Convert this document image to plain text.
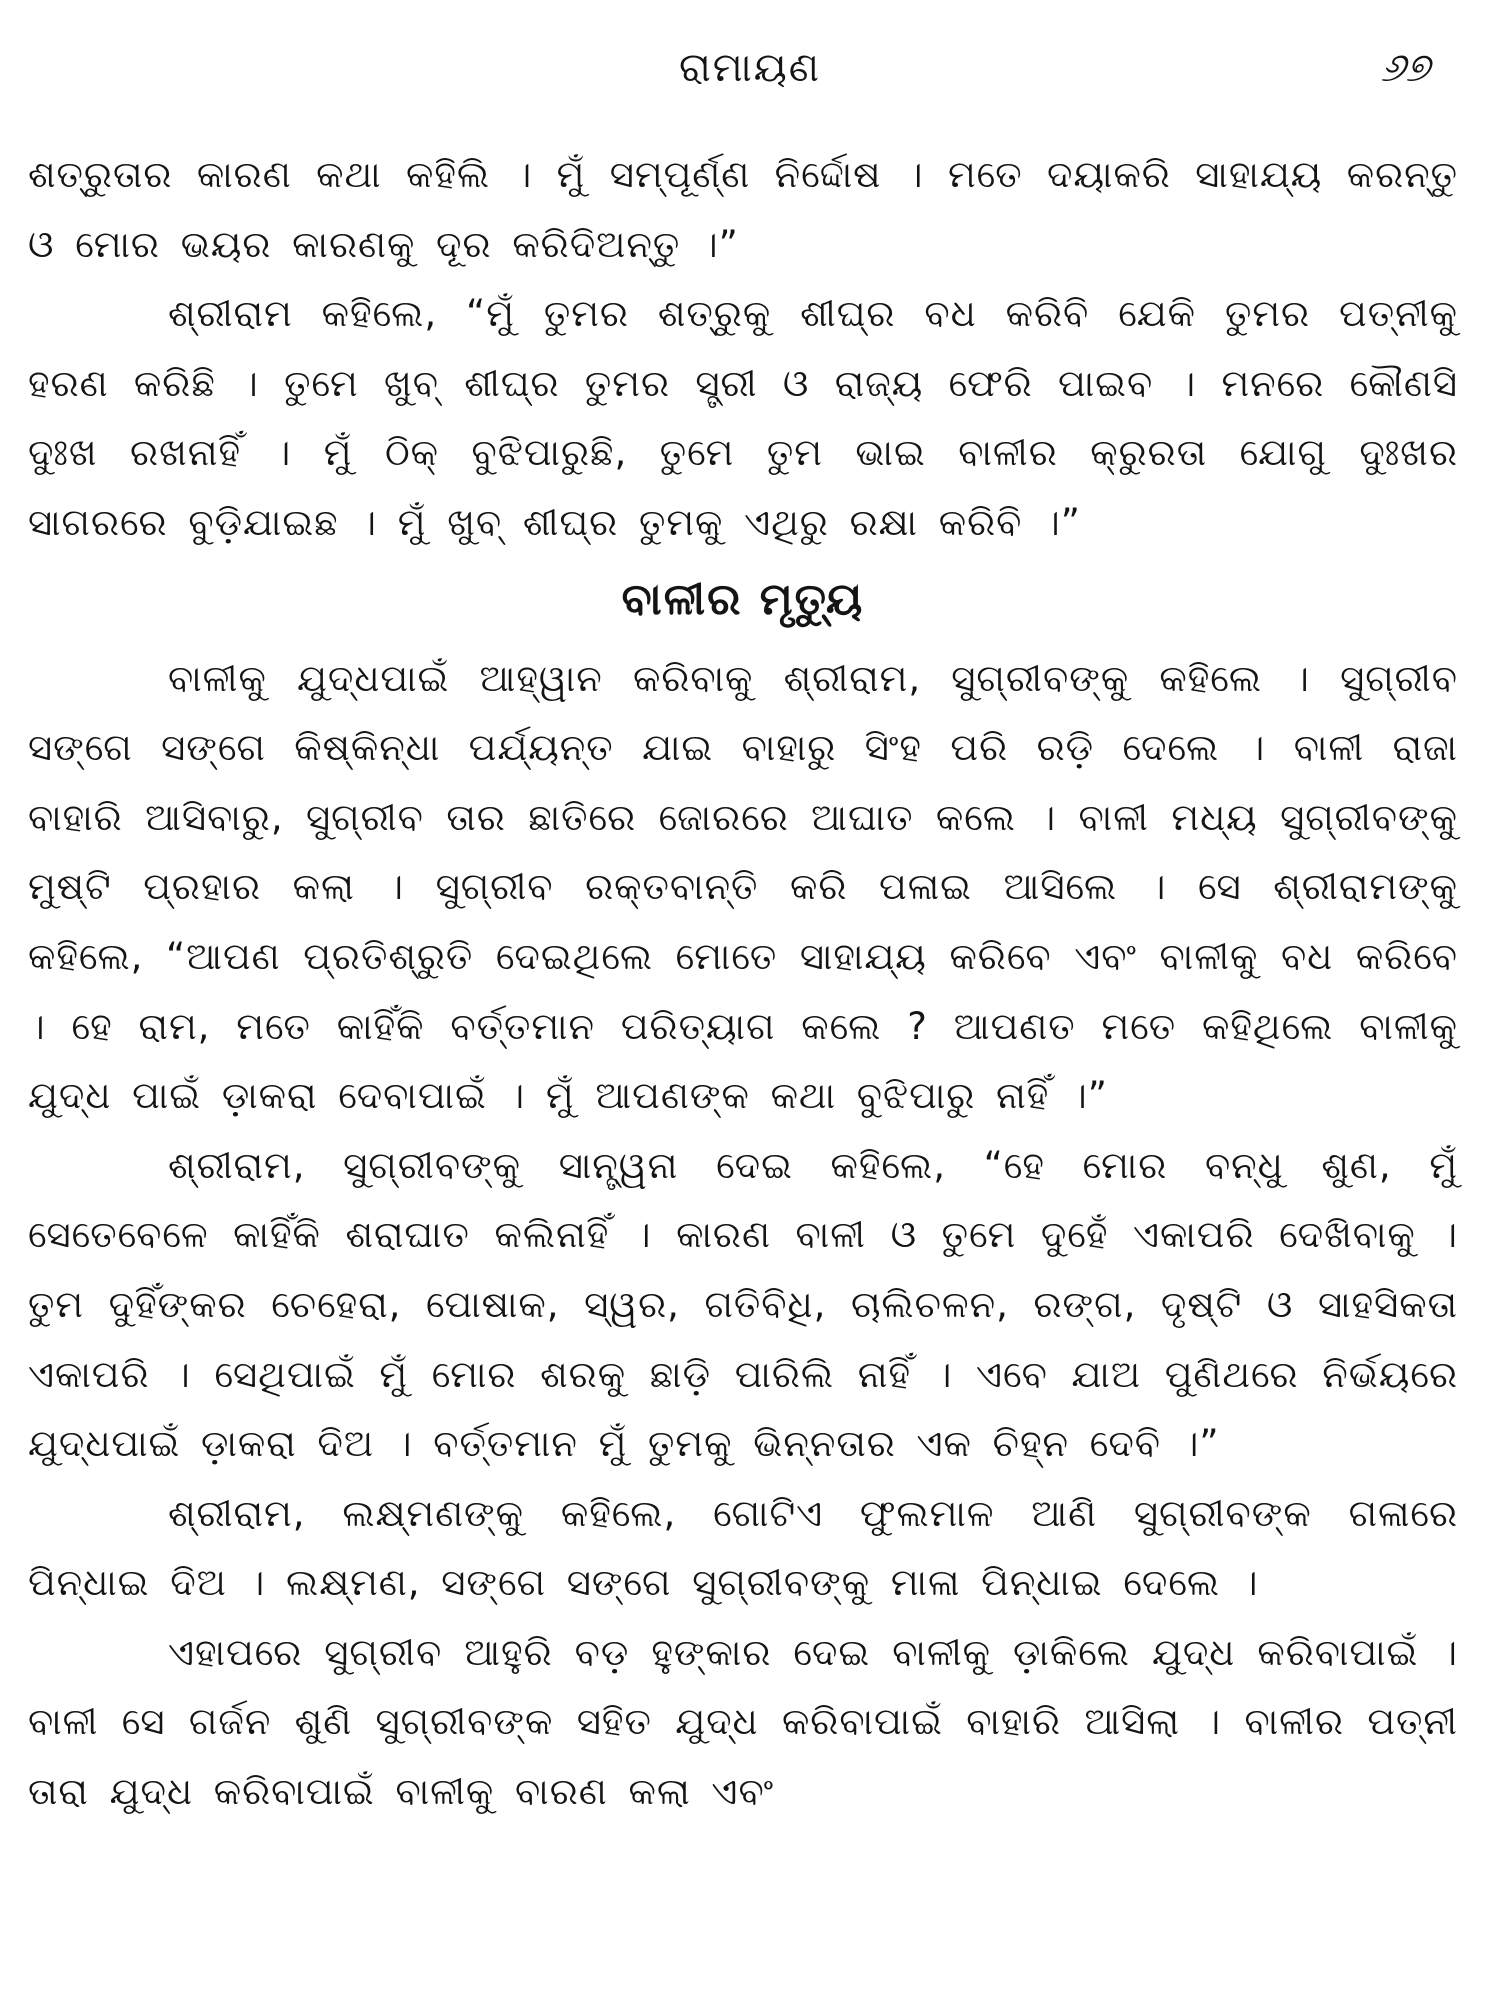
ରାମାୟଣ	୬୭

ଶତ୍ରୁତାର କାରଣ କଥା କହିଲି । ମୁଁ ସମ୍ପୂର୍ଣ୍ଣ ନିର୍ଦ୍ଦୋଷ । ମତେ ଦୟାକରି ସାହାଯ୍ୟ କରନ୍ତୁ ଓ ମୋର ଭୟର କାରଣକୁ ଦୂର କରିଦିଅନ୍ତୁ ।”

ଶ୍ରୀରାମ କହିଲେ, “ମୁଁ ତୁମର ଶତ୍ରୁକୁ ଶୀଘ୍ର ବଧ କରିବି ଯେକି ତୁମର ପତ୍ନୀକୁ ହରଣ କରିଛି । ତୁମେ ଖୁବ୍ ଶୀଘ୍ର ତୁମର ସ୍ତ୍ରୀ ଓ ରାଜ୍ୟ ଫେରି ପାଇବ । ମନରେ କୌଣସି ଦୁଃଖ ରଖନାହିଁ । ମୁଁ ଠିକ୍ ବୁଝିପାରୁଛି, ତୁମେ ତୁମ ଭାଇ ବାଳୀର କ୍ରୁରତା ଯୋଗୁ ଦୁଃଖର ସାଗରରେ ବୁଡ଼ିଯାଇଛ । ମୁଁ ଖୁବ୍ ଶୀଘ୍ର ତୁମକୁ ଏଥିରୁ ରକ୍ଷା କରିବି ।”

ବାଳୀର ମୃତ୍ୟୁ

ବାଳୀକୁ ଯୁଦ୍ଧପାଇଁ ଆହ୍ୱାନ କରିବାକୁ ଶ୍ରୀରାମ, ସୁଗ୍ରୀବଙ୍କୁ କହିଲେ । ସୁଗ୍ରୀବ ସଙ୍ଗେ ସଙ୍ଗେ କିଷ୍କିନ୍ଧା ପର୍ଯ୍ୟନ୍ତ ଯାଇ ବାହାରୁ ସିଂହ ପରି ରଡ଼ି ଦେଲେ । ବାଳୀ ରାଜା ବାହାରି ଆସିବାରୁ, ସୁଗ୍ରୀବ ତାର ଛାତିରେ ଜୋରରେ ଆଘାତ କଲେ । ବାଳୀ ମଧ୍ୟ ସୁଗ୍ରୀବଙ୍କୁ ମୁଷ୍ଟି ପ୍ରହାର କଲା । ସୁଗ୍ରୀବ ରକ୍ତବାନ୍ତି କରି ପଳାଇ ଆସିଲେ । ସେ ଶ୍ରୀରାମଙ୍କୁ କହିଲେ, “ଆପଣ ପ୍ରତିଶ୍ରୁତି ଦେଇଥିଲେ ମୋତେ ସାହାଯ୍ୟ କରିବେ ଏବଂ ବାଳୀକୁ ବଧ କରିବେ । ହେ ରାମ, ମତେ କାହିଁକି ବର୍ତ୍ତମାନ ପରିତ୍ୟାଗ କଲେ ? ଆପଣତ ମତେ କହିଥିଲେ ବାଳୀକୁ ଯୁଦ୍ଧ ପାଇଁ ଡ଼ାକରା ଦେବାପାଇଁ । ମୁଁ ଆପଣଙ୍କ କଥା ବୁଝିପାରୁ ନାହିଁ ।”

ଶ୍ରୀରାମ, ସୁଗ୍ରୀବଙ୍କୁ ସାନ୍ତ୍ୱନା ଦେଇ କହିଲେ, “ହେ ମୋର ବନ୍ଧୁ ଶୁଣ, ମୁଁ ସେତେବେଳେ କାହିଁକି ଶରାଘାତ କଲିନାହିଁ । କାରଣ ବାଳୀ ଓ ତୁମେ ଦୁହେଁ ଏକାପରି ଦେଖିବାକୁ । ତୁମ ଦୁହିଁଙ୍କର ଚେହେରା, ପୋଷାକ, ସ୍ୱର, ଗତିବିଧି, ଚାଲିଚଳନ, ରଙ୍ଗ, ଦୃଷ୍ଟି ଓ ସାହସିକତା ଏକାପରି । ସେଥିପାଇଁ ମୁଁ ମୋର ଶରକୁ ଛାଡ଼ି ପାରିଲି ନାହିଁ । ଏବେ ଯାଅ ପୁଣିଥରେ ନିର୍ଭୟରେ ଯୁଦ୍ଧପାଇଁ ଡ଼ାକରା ଦିଅ । ବର୍ତ୍ତମାନ ମୁଁ ତୁମକୁ ଭିନ୍ନତାର ଏକ ଚିହ୍ନ ଦେବି ।”

ଶ୍ରୀରାମ, ଲକ୍ଷ୍ମଣଙ୍କୁ କହିଲେ, ଗୋଟିଏ ଫୁଲମାଳ ଆଣି ସୁଗ୍ରୀବଙ୍କ ଗଳାରେ ପିନ୍ଧାଇ ଦିଅ । ଲକ୍ଷ୍ମଣ, ସଙ୍ଗେ ସଙ୍ଗେ ସୁଗ୍ରୀବଙ୍କୁ ମାଳା ପିନ୍ଧାଇ ଦେଲେ ।

ଏହାପରେ ସୁଗ୍ରୀବ ଆହୁରି ବଡ଼ ହୁଙ୍କାର ଦେଇ ବାଳୀକୁ ଡ଼ାକିଲେ ଯୁଦ୍ଧ କରିବାପାଇଁ । ବାଳୀ ସେ ଗର୍ଜନ ଶୁଣି ସୁଗ୍ରୀବଙ୍କ ସହିତ ଯୁଦ୍ଧ କରିବାପାଇଁ ବାହାରି ଆସିଲା । ବାଳୀର ପତ୍ନୀ ତାରା ଯୁଦ୍ଧ କରିବାପାଇଁ ବାଳୀକୁ ବାରଣ କଲା ଏବଂ
